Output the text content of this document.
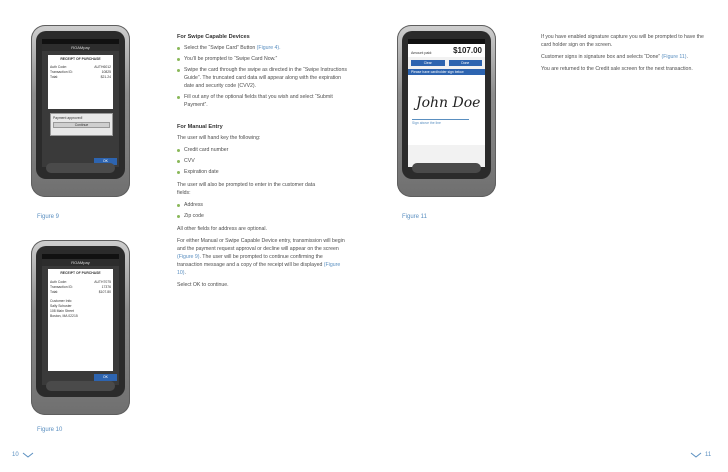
ROAMpay
RECEIPT OF PURCHASE
Auth Code:	AUTH6012
Transaction ID:	10825
Total:	$21.24
Payment approved!
Continue
OK
Figure 9
ROAMpay
RECEIPT OF PURCHASE
Auth Code:	AUTH7075
Transaction ID:	17376
Total:	$107.80
Customer Info:
Sally Schuster
108 Main Street
Boston, MA 02215
OK
Figure 10
For Swipe Capable Devices
Select the “Swipe Card” Button (Figure 4).
You’ll be prompted to “Swipe Card Now.”
Swipe the card through the swipe as directed in the “Swipe Instructions Guide”. The truncated card data will appear along with the expiration date and security code (CVV2).
Fill out any of the optional fields that you wish and select “Submit Payment”.
For Manual Entry

The user will hand key the following:

Credit card number
CVV
Expiration date

The user will also be prompted to enter in the customer data fields:

Address
Zip code

All other fields for address are optional.

For either Manual or Swipe Capable Device entry, transmission will begin and the payment request approval or decline will appear on the screen (Figure 9). The user will be prompted to continue confirming the transaction message and a copy of the receipt will be displayed (Figure 10).

Select OK to continue.

Amount paid:	$107.00
Clear	Done
Please have cardholder sign below
John Doe
Sign above the line
Figure 11

If you have enabled signature capture you will be prompted to have the card holder sign on the screen.

Customer signs in signature box and selects “Done” (Figure 11).

You are returned to the Credit sale screen for the next transaction.

10	11
